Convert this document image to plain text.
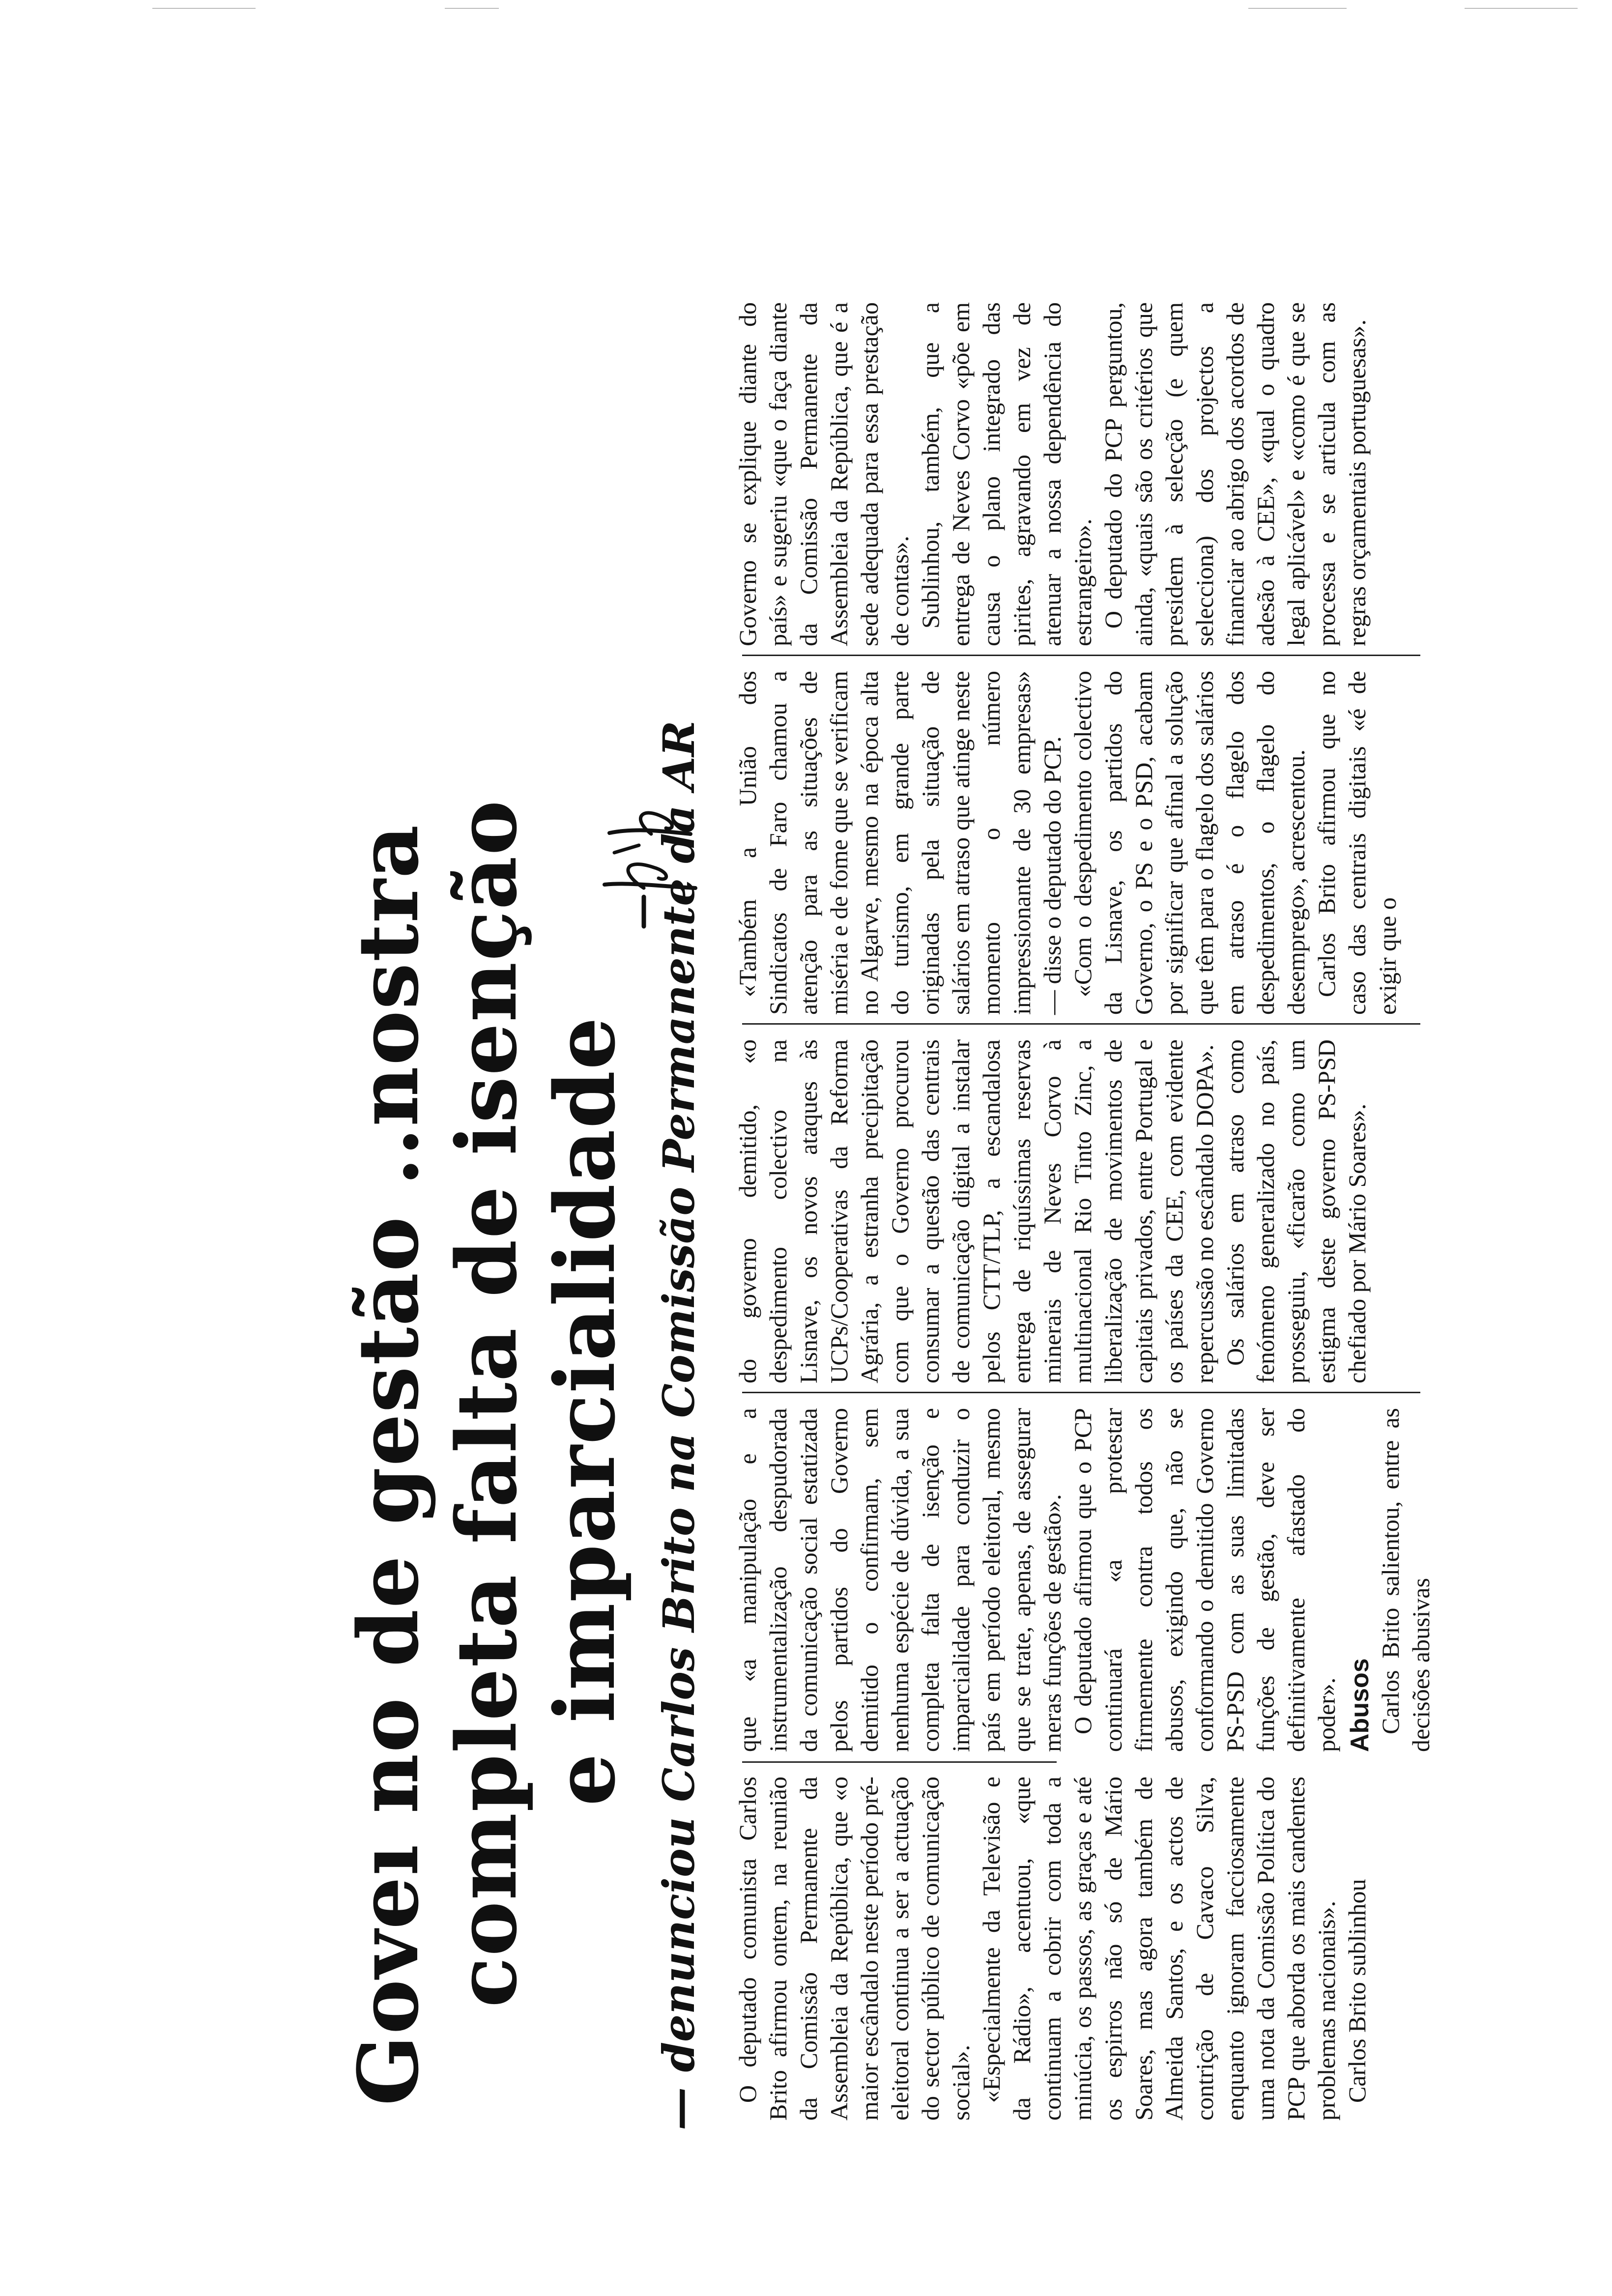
Goveı no de gestão ..nostra completa falta de isenção e imparcialidade — denunciou Carlos Brito na Comissão Permanente da AR O deputado comunista Carlos Brito afirmou ontem, na reunião da Comissão Permanente da Assembleia da República, que «o maior escândalo neste período pré-eleitoral continua a ser a actuação do sector público de comunicação social». «Especialmente da Televisão e da Rádio», acentuou, «que continuam a cobrir com toda a minúcia, os passos, as graças e até os espirros não só de Mário Soares, mas agora também de Almeida Santos, e os actos de contrição de Cavaco Silva, enquanto ignoram facciosamente uma nota da Comissão Política do PCP que aborda os mais candentes problemas nacionais». Carlos Brito sublinhou

que «a manipulação e a instrumentalização despudorada da comunicação social estatizada pelos partidos do Governo demitido o confirmam, sem nenhuma espécie de dúvida, a sua completa falta de isenção e imparcialidade para conduzir o país em período eleitoral, mesmo que se trate, apenas, de assegurar meras funções de gestão». O deputado afirmou que o PCP continuará «a protestar firmemente contra todos os abusos, exigindo que, não se conformando o demitido Governo PS-PSD com as suas limitadas funções de gestão, deve ser definitivamente afastado do poder». Abusos Carlos Brito salientou, entre as decisões abusivas

do governo demitido, «o despedimento colectivo na Lisnave, os novos ataques às UCPs/Cooperativas da Reforma Agrária, a estranha precipitação com que o Governo procurou consumar a questão das centrais de comunicação digital a instalar pelos CTT/TLP, a escandalosa entrega de riquíssimas reservas minerais de Neves Corvo à multinacional Rio Tinto Zinc, a liberalização de movimentos de capitais privados, entre Portugal e os países da CEE, com evidente repercussão no escândalo DOPA». Os salários em atraso como fenómeno generalizado no país, prosseguiu, «ficarão como um estigma deste governo PS-PSD chefiado por Mário Soares».

«Também a União dos Sindicatos de Faro chamou a atenção para as situações de miséria e de fome que se verificam no Algarve, mesmo na época alta do turismo, em grande parte originadas pela situação de salários em atraso que atinge neste momento o número impressionante de 30 empresas» — disse o deputado do PCP. «Com o despedimento colectivo da Lisnave, os partidos do Governo, o PS e o PSD, acabam por significar que afinal a solução que têm para o flagelo dos salários em atraso é o flagelo dos despedimentos, o flagelo do desemprego», acrescentou. Carlos Brito afirmou que no caso das centrais digitais «é de exigir que o

Governo se explique diante do país» e sugeriu «que o faça diante da Comissão Permanente da Assembleia da República, que é a sede adequada para essa prestação de contas». Sublinhou, também, que a entrega de Neves Corvo «põe em causa o plano integrado das pirites, agravando em vez de atenuar a nossa dependência do estrangeiro». O deputado do PCP perguntou, ainda, «quais são os critérios que presidem à selecção (e quem selecciona) dos projectos a financiar ao abrigo dos acordos de adesão à CEE», «qual o quadro legal aplicável» e «como é que se processa e se articula com as regras orçamentais portuguesas».
